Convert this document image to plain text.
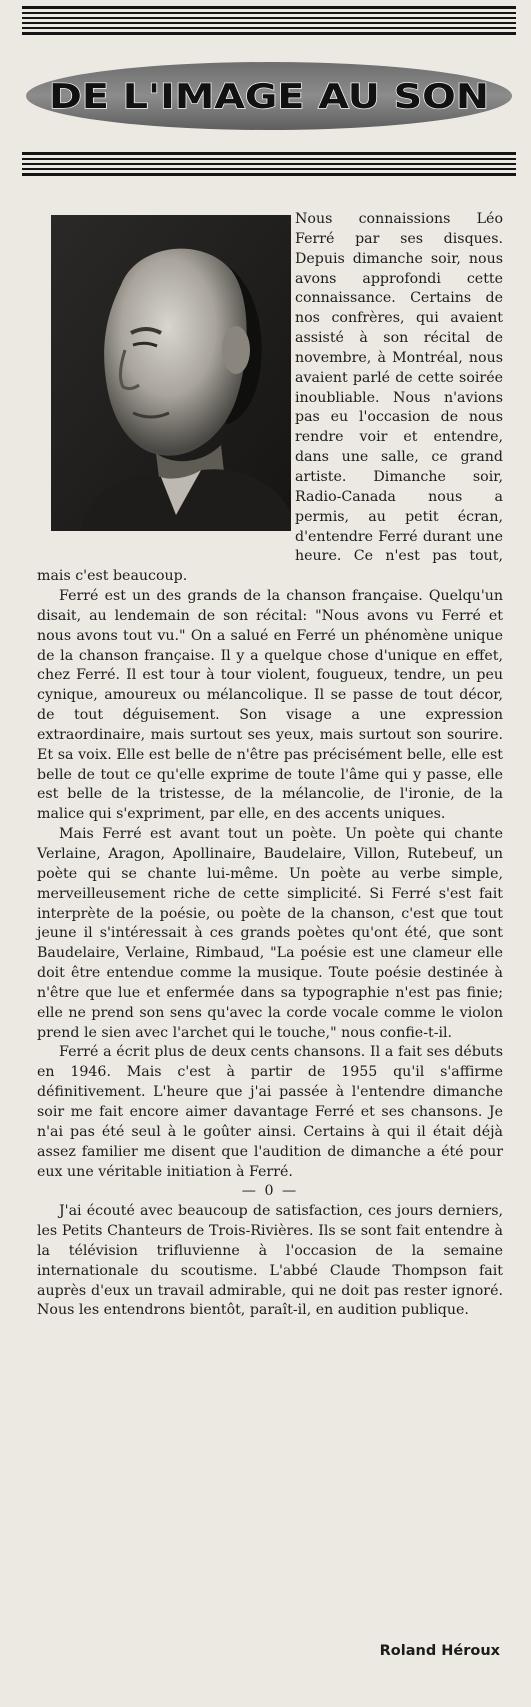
DE L'IMAGE AU SON

Nous connaissions Léo Ferré par ses disques. Depuis dimanche soir, nous avons approfondi cette connaissance. Certains de nos confrères, qui avaient assisté à son récital de novembre, à Montréal, nous avaient parlé de cette soirée inoubliable. Nous n'avions pas eu l'occasion de nous rendre voir et entendre, dans une salle, ce grand artiste. Dimanche soir, Radio-Canada nous a permis, au petit écran, d'entendre Ferré durant une heure. Ce n'est pas tout, mais c'est beaucoup.

Ferré est un des grands de la chanson française. Quelqu'un disait, au lendemain de son récital: "Nous avons vu Ferré et nous avons tout vu." On a salué en Ferré un phénomène unique de la chanson française. Il y a quelque chose d'unique en effet, chez Ferré. Il est tour à tour violent, fougueux, tendre, un peu cynique, amoureux ou mélancolique. Il se passe de tout décor, de tout déguisement. Son visage a une expression extraordinaire, mais surtout ses yeux, mais surtout son sourire. Et sa voix. Elle est belle de n'être pas précisément belle, elle est belle de tout ce qu'elle exprime de toute l'âme qui y passe, elle est belle de la tristesse, de la mélancolie, de l'ironie, de la malice qui s'expriment, par elle, en des accents uniques.

Mais Ferré est avant tout un poète. Un poète qui chante Verlaine, Aragon, Apollinaire, Baudelaire, Villon, Rutebeuf, un poète qui se chante lui-même. Un poète au verbe simple, merveilleusement riche de cette simplicité. Si Ferré s'est fait interprète de la poésie, ou poète de la chanson, c'est que tout jeune il s'intéressait à ces grands poètes qu'ont été, que sont Baudelaire, Verlaine, Rimbaud, "La poésie est une clameur elle doit être entendue comme la musique. Toute poésie destinée à n'être que lue et enfermée dans sa typographie n'est pas finie; elle ne prend son sens qu'avec la corde vocale comme le violon prend le sien avec l'archet qui le touche," nous confie-t-il.

Ferré a écrit plus de deux cents chansons. Il a fait ses débuts en 1946. Mais c'est à partir de 1955 qu'il s'affirme définitivement. L'heure que j'ai passée à l'entendre dimanche soir me fait encore aimer davantage Ferré et ses chansons. Je n'ai pas été seul à le goûter ainsi. Certains à qui il était déjà assez familier me disent que l'audition de dimanche a été pour eux une véritable initiation à Ferré.

— 0 —

J'ai écouté avec beaucoup de satisfaction, ces jours derniers, les Petits Chanteurs de Trois-Rivières. Ils se sont fait entendre à la télévision trifluvienne à l'occasion de la semaine internationale du scoutisme. L'abbé Claude Thompson fait auprès d'eux un travail admirable, qui ne doit pas rester ignoré. Nous les entendrons bientôt, paraît-il, en audition publique.

Roland Héroux
